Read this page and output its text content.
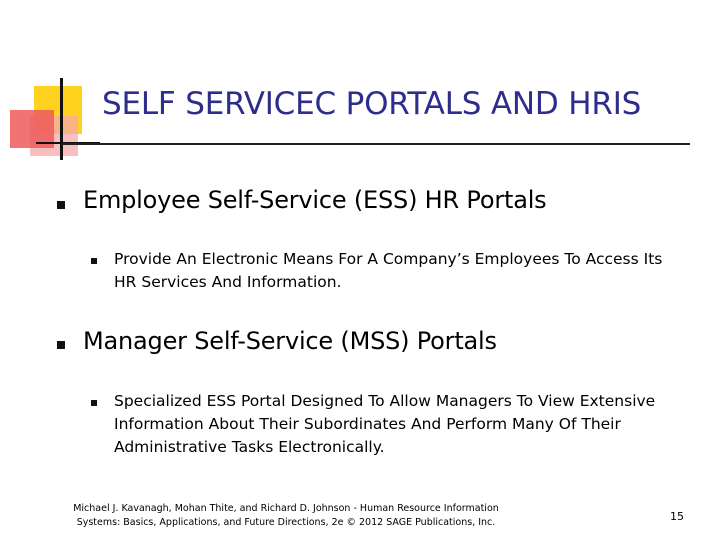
SELF SERVICEC PORTALS AND HRIS
Employee Self-Service (ESS) HR Portals
Provide An Electronic Means For A Company’s Employees To Access Its HR Services And Information.
Manager Self-Service (MSS) Portals
Specialized ESS Portal Designed To Allow Managers To View Extensive Information About Their Subordinates And Perform Many Of Their Administrative Tasks Electronically.
Michael J. Kavanagh, Mohan Thite, and Richard D. Johnson - Human Resource Information
Systems: Basics, Applications, and Future Directions, 2e © 2012 SAGE Publications, Inc.	15
